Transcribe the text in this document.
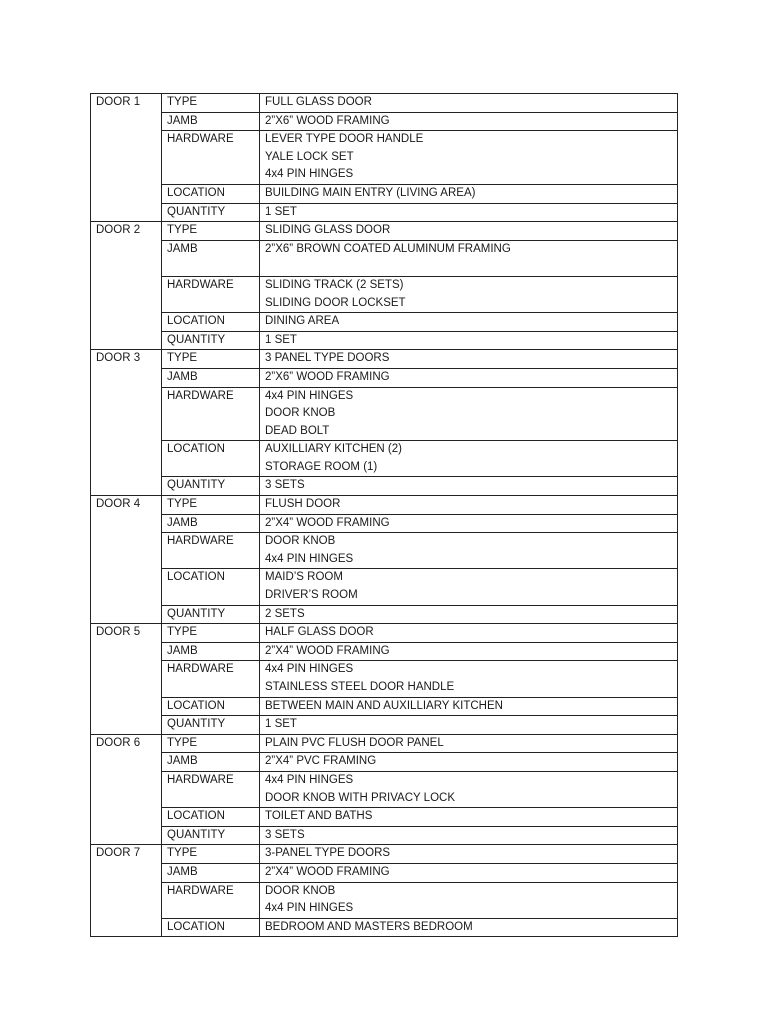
DOOR 1	TYPE	FULL GLASS DOOR

	JAMB	2”X6” WOOD FRAMING

	HARDWARE	LEVER TYPE DOOR HANDLE
YALE LOCK SET
4x4 PIN HINGES

	LOCATION	BUILDING MAIN ENTRY (LIVING AREA)

	QUANTITY	1 SET

DOOR 2	TYPE	SLIDING GLASS DOOR

	JAMB	2”X6” BROWN COATED ALUMINUM FRAMING

	HARDWARE	SLIDING TRACK (2 SETS)
SLIDING DOOR LOCKSET

	LOCATION	DINING AREA

	QUANTITY	1 SET

DOOR 3	TYPE	3 PANEL TYPE DOORS

	JAMB	2”X6” WOOD FRAMING

	HARDWARE	4x4 PIN HINGES
DOOR KNOB
DEAD BOLT

	LOCATION	AUXILLIARY KITCHEN (2)
STORAGE ROOM (1)

	QUANTITY	3 SETS

DOOR 4	TYPE	FLUSH DOOR

	JAMB	2”X4” WOOD FRAMING

	HARDWARE	DOOR KNOB
4x4 PIN HINGES

	LOCATION	MAID’S ROOM
DRIVER’S ROOM

	QUANTITY	2 SETS

DOOR 5	TYPE	HALF GLASS DOOR

	JAMB	2”X4” WOOD FRAMING

	HARDWARE	4x4 PIN HINGES
STAINLESS STEEL DOOR HANDLE

	LOCATION	BETWEEN MAIN AND AUXILLIARY KITCHEN

	QUANTITY	1 SET

DOOR 6	TYPE	PLAIN PVC FLUSH DOOR PANEL

	JAMB	2”X4” PVC FRAMING

	HARDWARE	4x4 PIN HINGES
DOOR KNOB WITH PRIVACY LOCK

	LOCATION	TOILET AND BATHS

	QUANTITY	3 SETS

DOOR 7	TYPE	3-PANEL TYPE DOORS

	JAMB	2”X4” WOOD FRAMING

	HARDWARE	DOOR KNOB
4x4 PIN HINGES

	LOCATION	BEDROOM AND MASTERS BEDROOM
